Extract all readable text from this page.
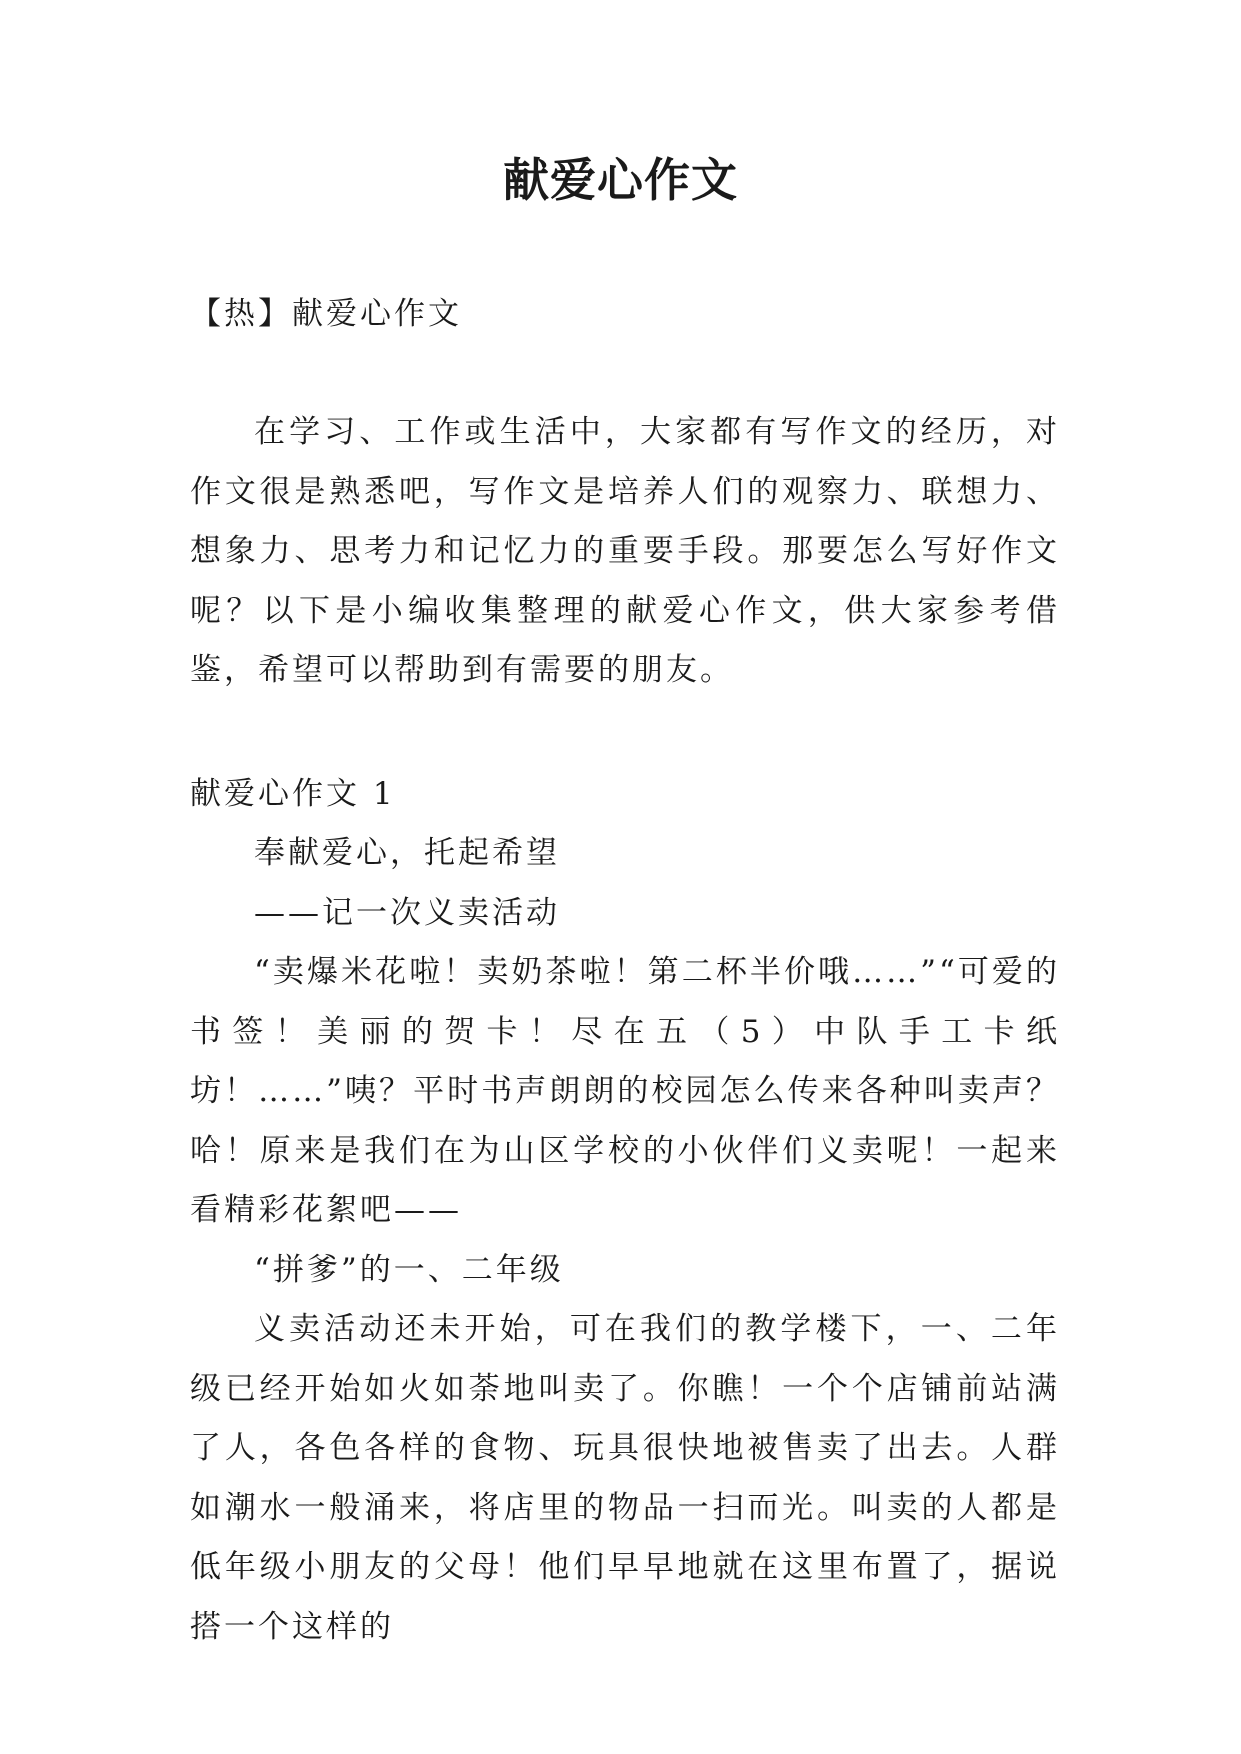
献爱心作文

【热】献爱心作文

在学习、工作或生活中，大家都有写作文的经历，对作文很是熟悉吧，写作文是培养人们的观察力、联想力、想象力、思考力和记忆力的重要手段。那要怎么写好作文呢？以下是小编收集整理的献爱心作文，供大家参考借鉴，希望可以帮助到有需要的朋友。

献爱心作文 1

奉献爱心，托起希望

——记一次义卖活动

“卖爆米花啦！卖奶茶啦！第二杯半价哦……”“可爱的书签！美丽的贺卡！尽在五（5）中队手工卡纸坊！……”咦？平时书声朗朗的校园怎么传来各种叫卖声？哈！原来是我们在为山区学校的小伙伴们义卖呢！一起来看精彩花絮吧——

“拼爹”的一、二年级

义卖活动还未开始，可在我们的教学楼下，一、二年级已经开始如火如荼地叫卖了。你瞧！一个个店铺前站满了人，各色各样的食物、玩具很快地被售卖了出去。人群如潮水一般涌来，将店里的物品一扫而光。叫卖的人都是低年级小朋友的父母！他们早早地就在这里布置了，据说搭一个这样的
